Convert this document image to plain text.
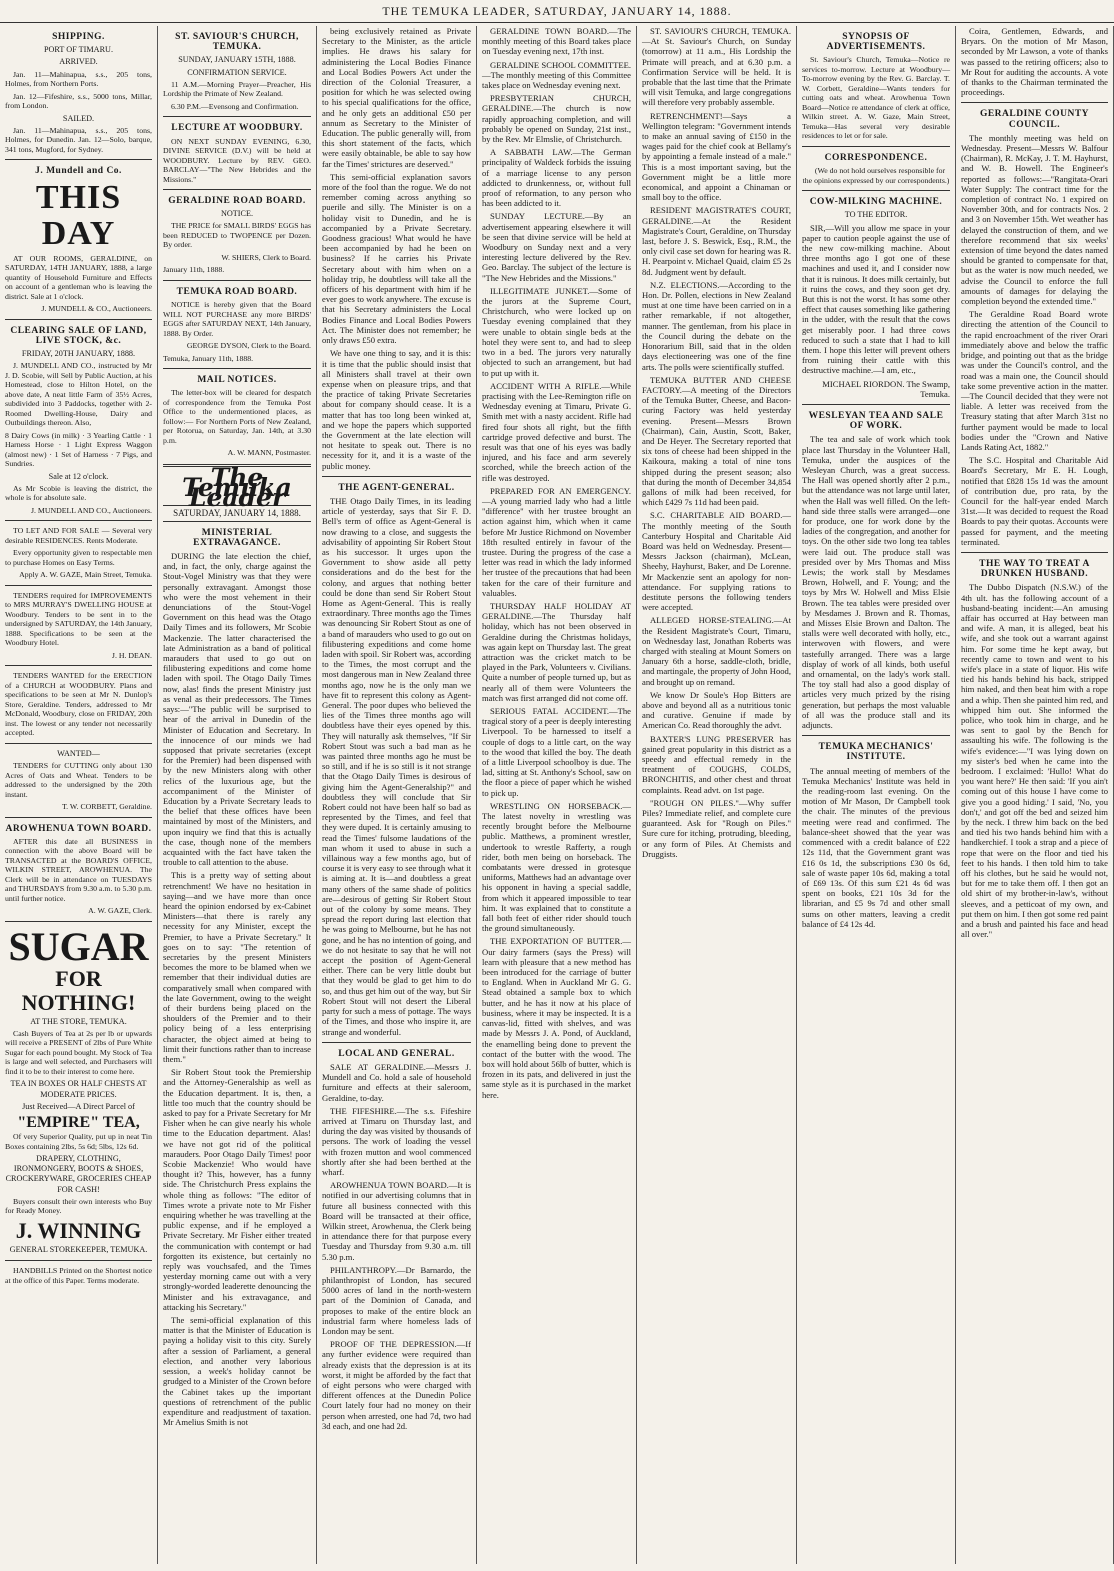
THE TEMUKA LEADER, SATURDAY, JANUARY 14, 1888.
SHIPPING.
PORT OF TIMARU.
ARRIVED.

Jan. 11—Mahinapua, s.s., 205 tons, Holmes, from Northern Ports.

Jan. 12—Fifeshire, s.s., 5000 tons, Millar, from London.

SAILED.

Jan. 11—Mahinapua, s.s., 205 tons, Holmes, for Dunedin. Jan. 12—Solo, barque, 341 tons, Mugford, for Sydney.

J. Mundell and Co.
THIS DAY

AT OUR ROOMS, GERALDINE, on SATURDAY, 14TH JANUARY, 1888, a large quantity of Household Furniture and Effects on account of a gentleman who is leaving the district. Sale at 1 o'clock.

J. MUNDELL & CO., Auctioneers.

CLEARING SALE OF LAND, LIVE STOCK, &c.
FRIDAY, 20TH JANUARY, 1888.

J. MUNDELL AND CO., instructed by Mr J. D. Scobie, will Sell by Public Auction, at his Homestead, close to Hilton Hotel, on the above date, A neat little Farm of 35½ Acres, subdivided into 3 Paddocks, together with 2-Roomed Dwelling-House, Dairy and Outbuildings thereon. Also,

8 Dairy Cows (in milk) · 3 Yearling Cattle · 1 Harness Horse · 1 Light Express Waggon (almost new) · 1 Set of Harness · 7 Pigs, and Sundries.

Sale at 12 o'clock.

As Mr Scobie is leaving the district, the whole is for absolute sale.

J. MUNDELL AND CO., Auctioneers.

TO LET AND FOR SALE — Several very desirable RESIDENCES. Rents Moderate.

Every opportunity given to respectable men to purchase Homes on Easy Terms.

Apply A. W. GAZE, Main Street, Temuka.

TENDERS required for IMPROVEMENTS to MRS MURRAY'S DWELLING HOUSE at Woodbury. Tenders to be sent in to the undersigned by SATURDAY, the 14th January, 1888. Specifications to be seen at the Woodbury Hotel.

J. H. DEAN.

TENDERS WANTED for the ERECTION of a CHURCH at WOODBURY. Plans and specifications to be seen at Mr N. Dunlop's Store, Geraldine. Tenders, addressed to Mr McDonald, Woodbury, close on FRIDAY, 20th inst. The lowest or any tender not necessarily accepted.

WANTED—

TENDERS for CUTTING only about 130 Acres of Oats and Wheat. Tenders to be addressed to the undersigned by the 20th instant.

T. W. CORBETT, Geraldine.

AROWHENUA TOWN BOARD.

AFTER this date all BUSINESS in connection with the above Board will be TRANSACTED at the BOARD'S OFFICE, WILKIN STREET, AROWHENUA. The Clerk will be in attendance on TUESDAYS and THURSDAYS from 9.30 a.m. to 5.30 p.m. until further notice.

A. W. GAZE, Clerk.

SUGAR
FOR NOTHING!
AT THE STORE, TEMUKA.

Cash Buyers of Tea at 2s per lb or upwards will receive a PRESENT of 2lbs of Pure White Sugar for each pound bought. My Stock of Tea is large and well selected, and Purchasers will find it to be to their interest to come here.

TEA IN BOXES OR HALF CHESTS AT MODERATE PRICES.
Just Received—A Direct Parcel of
"EMPIRE" TEA,

Of very Superior Quality, put up in neat Tin Boxes containing 2lbs, 5s 6d; 5lbs, 12s 6d.

DRAPERY, CLOTHING, IRONMONGERY, BOOTS & SHOES, CROCKERYWARE, GROCERIES CHEAP FOR CASH!

Buyers consult their own interests who Buy for Ready Money.

J. WINNING
GENERAL STOREKEEPER, TEMUKA.

HANDBILLS Printed on the Shortest notice at the office of this Paper. Terms moderate.

ST. SAVIOUR'S CHURCH, TEMUKA.
SUNDAY, JANUARY 15TH, 1888.
CONFIRMATION SERVICE.

11 A.M.—Morning Prayer—Preacher, His Lordship the Primate of New Zealand.

6.30 P.M.—Evensong and Confirmation.

LECTURE AT WOODBURY.

ON NEXT SUNDAY EVENING, 6.30, DIVINE SERVICE (D.V.) will be held at WOODBURY. Lecture by REV. GEO. BARCLAY—"The New Hebrides and the Missions."

GERALDINE ROAD BOARD.
NOTICE.

THE PRICE for SMALL BIRDS' EGGS has been REDUCED to TWOPENCE per Dozen. By order.

W. SHIERS, Clerk to Board.

January 11th, 1888.

TEMUKA ROAD BOARD.

NOTICE is hereby given that the Board WILL NOT PURCHASE any more BIRDS' EGGS after SATURDAY NEXT, 14th January, 1888. By Order.

GEORGE DYSON, Clerk to the Board.

Temuka, January 11th, 1888.

MAIL NOTICES.

The letter-box will be cleared for despatch of correspondence from the Temuka Post Office to the undermentioned places, as follow:— For Northern Ports of New Zealand, per Rotorua, on Saturday, Jan. 14th, at 3.30 p.m.

A. W. MANN, Postmaster.

The Temuka Leader
SATURDAY, JANUARY 14, 1888.
MINISTERIAL EXTRAVAGANCE.

DURING the late election the chief, and, in fact, the only, charge against the Stout-Vogel Ministry was that they were personally extravagant. Amongst those who were the most vehement in their denunciations of the Stout-Vogel Government on this head was the Otago Daily Times and its followers, Mr Scobie Mackenzie. The latter characterised the late Administration as a band of political marauders that used to go out on filibustering expeditions and come home laden with spoil. The Otago Daily Times now, alas! finds the present Ministry just as venal as their predecessors. The Times says:—"The public will be surprised to hear of the arrival in Dunedin of the Minister of Education and Secretary. In the innocence of our minds we had supposed that private secretaries (except for the Premier) had been dispensed with by the new Ministers along with other relics of the luxurious age, but the accompaniment of the Minister of Education by a Private Secretary leads to the belief that these offices have been maintained by most of the Ministers, and upon inquiry we find that this is actually the case, though none of the members acquainted with the fact have taken the trouble to call attention to the abuse.

This is a pretty way of setting about retrenchment! We have no hesitation in saying—and we have more than once heard the opinion endorsed by ex-Cabinet Ministers—that there is rarely any necessity for any Minister, except the Premier, to have a Private Secretary." It goes on to say: "The retention of secretaries by the present Ministers becomes the more to be blamed when we remember that their individual duties are comparatively small when compared with the late Government, owing to the weight of their burdens being placed on the shoulders of the Premier and to their policy being of a less enterprising character, the object aimed at being to limit their functions rather than to increase them."

Sir Robert Stout took the Premiership and the Attorney-Generalship as well as the Education department. It is, then, a little too much that the country should be asked to pay for a Private Secretary for Mr Fisher when he can give nearly his whole time to the Education department. Alas! we have not got rid of the political marauders. Poor Otago Daily Times! poor Scobie Mackenzie! Who would have thought it? This, however, has a funny side. The Christchurch Press explains the whole thing as follows: "The editor of Times wrote a private note to Mr Fisher enquiring whether he was travelling at the public expense, and if he employed a Private Secretary. Mr Fisher either treated the communication with contempt or had forgotten its existence, but certainly no reply was vouchsafed, and the Times yesterday morning came out with a very strongly-worded leaderette denouncing the Minister and his extravagance, and attacking his Secretary."

The semi-official explanation of this matter is that the Minister of Education is paying a holiday visit to this city. Surely after a session of Parliament, a general election, and another very laborious session, a week's holiday cannot be grudged to a Minister of the Crown before the Cabinet takes up the important questions of retrenchment of the public expenditure and readjustment of taxation. Mr Amelius Smith is not

being exclusively retained as Private Secretary to the Minister, as the article implies. He draws his salary for administering the Local Bodies Finance and Local Bodies Powers Act under the direction of the Colonial Treasurer, a position for which he was selected owing to his special qualifications for the office, and he only gets an additional £50 per annum as Secretary to the Minister of Education. The public generally will, from this short statement of the facts, which were easily obtainable, be able to say how far the Times' strictures are deserved."

This semi-official explanation savors more of the fool than the rogue. We do not remember coming across anything so puerile and silly. The Minister is on a holiday visit to Dunedin, and he is accompanied by a Private Secretary. Goodness gracious! What would he have been accompanied by had he been on business? If he carries his Private Secretary about with him when on a holiday trip, he doubtless will take all the officers of his department with him if he ever goes to work anywhere. The excuse is that his Secretary administers the Local Bodies Finance and Local Bodies Powers Act. The Minister does not remember; he only draws £50 extra.

We have one thing to say, and it is this: it is time that the public should insist that all Ministers shall travel at their own expense when on pleasure trips, and that the practice of taking Private Secretaries about for company should cease. It is a matter that has too long been winked at, and we hope the papers which supported the Government at the late election will not hesitate to speak out. There is no necessity for it, and it is a waste of the public money.

THE AGENT-GENERAL.

THE Otago Daily Times, in its leading article of yesterday, says that Sir F. D. Bell's term of office as Agent-General is now drawing to a close, and suggests the advisability of appointing Sir Robert Stout as his successor. It urges upon the Government to show aside all petty considerations and do the best for the colony, and argues that nothing better could be done than send Sir Robert Stout Home as Agent-General. This is really extraordinary. Three months ago the Times was denouncing Sir Robert Stout as one of a band of marauders who used to go out on filibustering expeditions and come home laden with spoil. Sir Robert was, according to the Times, the most corrupt and the most dangerous man in New Zealand three months ago, now he is the only man we have fit to represent this colony as Agent-General. The poor dupes who believed the lies of the Times three months ago will doubtless have their eyes opened by this. They will naturally ask themselves, "If Sir Robert Stout was such a bad man as he was painted three months ago he must be so still, and if he is so still is it not strange that the Otago Daily Times is desirous of giving him the Agent-Generalship?" and doubtless they will conclude that Sir Robert could not have been half so bad as represented by the Times, and feel that they were duped. It is certainly amusing to read the Times' fulsome laudations of the man whom it used to abuse in such a villainous way a few months ago, but of course it is very easy to see through what it is aiming at. It is—and doubtless a great many others of the same shade of politics are—desirous of getting Sir Robert Stout out of the colony by some means. They spread the report during last election that he was going to Melbourne, but he has not gone, and he has no intention of going, and we do not hesitate to say that he will not accept the position of Agent-General either. There can be very little doubt but that they would be glad to get him to do so, and thus get him out of the way, but Sir Robert Stout will not desert the Liberal party for such a mess of pottage. The ways of the Times, and those who inspire it, are strange and wonderful.

LOCAL AND GENERAL.

SALE AT GERALDINE.—Messrs J. Mundell and Co. hold a sale of household furniture and effects at their saleroom, Geraldine, to-day.

THE FIFESHIRE.—The s.s. Fifeshire arrived at Timaru on Thursday last, and during the day was visited by thousands of persons. The work of loading the vessel with frozen mutton and wool commenced shortly after she had been berthed at the wharf.

AROWHENUA TOWN BOARD.—It is notified in our advertising columns that in future all business connected with this Board will be transacted at their office, Wilkin street, Arowhenua, the Clerk being in attendance there for that purpose every Tuesday and Thursday from 9.30 a.m. till 5.30 p.m.

PHILANTHROPY.—Dr Barnardo, the philanthropist of London, has secured 5000 acres of land in the north-western part of the Dominion of Canada, and proposes to make of the entire block an industrial farm where homeless lads of London may be sent.

PROOF OF THE DEPRESSION.—If any further evidence were required than already exists that the depression is at its worst, it might be afforded by the fact that of eight persons who were charged with different offences at the Dunedin Police Court lately four had no money on their person when arrested, one had 7d, two had 3d each, and one had 2d.

GERALDINE TOWN BOARD.—The monthly meeting of this Board takes place on Tuesday evening next, 17th inst.

GERALDINE SCHOOL COMMITTEE.—The monthly meeting of this Committee takes place on Wednesday evening next.

PRESBYTERIAN CHURCH, GERALDINE.—The church is now rapidly approaching completion, and will probably be opened on Sunday, 21st inst., by the Rev. Mr Elmslie, of Christchurch.

A SABBATH LAW.—The German principality of Waldeck forbids the issuing of a marriage license to any person addicted to drunkenness, or, without full proof of reformation, to any person who has been addicted to it.

SUNDAY LECTURE.—By an advertisement appearing elsewhere it will be seen that divine service will be held at Woodbury on Sunday next and a very interesting lecture delivered by the Rev. Geo. Barclay. The subject of the lecture is "The New Hebrides and the Missions."

ILLEGITIMATE JUNKET.—Some of the jurors at the Supreme Court, Christchurch, who were locked up on Tuesday evening complained that they were unable to obtain single beds at the hotel they were sent to, and had to sleep two in a bed. The jurors very naturally objected to such an arrangement, but had to put up with it.

ACCIDENT WITH A RIFLE.—While practising with the Lee-Remington rifle on Wednesday evening at Timaru, Private G. Smith met with a nasty accident. Rifle had fired four shots all right, but the fifth cartridge proved defective and burst. The result was that one of his eyes was badly injured, and his face and arm severely scorched, while the breech action of the rifle was destroyed.

PREPARED FOR AN EMERGENCY.—A young married lady who had a little "difference" with her trustee brought an action against him, which when it came before Mr Justice Richmond on November 18th resulted entirely in favour of the trustee. During the progress of the case a letter was read in which the lady informed her trustee of the precautions that had been taken for the care of their furniture and valuables.

THURSDAY HALF HOLIDAY AT GERALDINE.—The Thursday half holiday, which has not been observed in Geraldine during the Christmas holidays, was again kept on Thursday last. The great attraction was the cricket match to be played in the Park, Volunteers v. Civilians. Quite a number of people turned up, but as nearly all of them were Volunteers the match was first arranged did not come off.

SERIOUS FATAL ACCIDENT.—The tragical story of a peer is deeply interesting Liverpool. To be harnessed to itself a couple of dogs to a little cart, on the way to the wood that killed the boy. The death of a little Liverpool schoolboy is due. The lad, sitting at St. Anthony's School, saw on the floor a piece of paper which he wished to pick up.

WRESTLING ON HORSEBACK.—The latest novelty in wrestling was recently brought before the Melbourne public. Matthews, a prominent wrestler, undertook to wrestle Rafferty, a rough rider, both men being on horseback. The combatants were dressed in grotesque uniforms, Matthews had an advantage over his opponent in having a special saddle, from which it appeared impossible to tear him. It was explained that to constitute a fall both feet of either rider should touch the ground simultaneously.

THE EXPORTATION OF BUTTER.—Our dairy farmers (says the Press) will learn with pleasure that a new method has been introduced for the carriage of butter to England. When in Auckland Mr G. G. Stead obtained a sample box to which butter, and he has it now at his place of business, where it may be inspected. It is a canvas-lid, fitted with shelves, and was made by Messrs J. A. Pond, of Auckland, the enamelling being done to prevent the contact of the butter with the wood. The box will hold about 56lb of butter, which is frozen in its pats, and delivered in just the same style as it is purchased in the market here.

ST. SAVIOUR'S CHURCH, TEMUKA.—At St. Saviour's Church, on Sunday (tomorrow) at 11 a.m., His Lordship the Primate will preach, and at 6.30 p.m. a Confirmation Service will be held. It is probable that the last time that the Primate will visit Temuka, and large congregations will therefore very probably assemble.

RETRENCHMENT!—Says a Wellington telegram: "Government intends to make an annual saving of £150 in the wages paid for the chief cook at Bellamy's by appointing a female instead of a male." This is a most important saving, but the Government might be a little more economical, and appoint a Chinaman or small boy to the office.

RESIDENT MAGISTRATE'S COURT, GERALDINE.—At the Resident Magistrate's Court, Geraldine, on Thursday last, before J. S. Beswick, Esq., R.M., the only civil case set down for hearing was R. H. Pearpoint v. Michael Quaid, claim £5 2s 8d. Judgment went by default.

N.Z. ELECTIONS.—According to the Hon. Dr. Pollen, elections in New Zealand must at one time have been carried on in a rather remarkable, if not altogether, manner. The gentleman, from his place in the Council during the debate on the Honorarium Bill, said that in the olden days electioneering was one of the fine arts. The polls were scientifically stuffed.

TEMUKA BUTTER AND CHEESE FACTORY.—A meeting of the Directors of the Temuka Butter, Cheese, and Bacon-curing Factory was held yesterday evening. Present—Messrs Brown (Chairman), Cain, Austin, Scott, Baker, and De Heyer. The Secretary reported that six tons of cheese had been shipped in the Kaikoura, making a total of nine tons shipped during the present season; also that during the month of December 34,854 gallons of milk had been received, for which £429 7s 11d had been paid.

S.C. CHARITABLE AID BOARD.—The monthly meeting of the South Canterbury Hospital and Charitable Aid Board was held on Wednesday. Present—Messrs Jackson (chairman), McLean, Sheehy, Hayhurst, Baker, and De Lorenne. Mr Mackenzie sent an apology for non-attendance. For supplying rations to destitute persons the following tenders were accepted.

ALLEGED HORSE-STEALING.—At the Resident Magistrate's Court, Timaru, on Wednesday last, Jonathan Roberts was charged with stealing at Mount Somers on January 6th a horse, saddle-cloth, bridle, and martingale, the property of John Hood, and brought up on remand.

We know Dr Soule's Hop Bitters are above and beyond all as a nutritious tonic and curative. Genuine if made by American Co. Read thoroughly the advt.

BAXTER'S LUNG PRESERVER has gained great popularity in this district as a speedy and effectual remedy in the treatment of COUGHS, COLDS, BRONCHITIS, and other chest and throat complaints. Read advt. on 1st page.

"ROUGH ON PILES."—Why suffer Piles? Immediate relief, and complete cure guaranteed. Ask for "Rough on Piles." Sure cure for itching, protruding, bleeding, or any form of Piles. At Chemists and Druggists.

SYNOPSIS OF ADVERTISEMENTS.

St. Saviour's Church, Temuka—Notice re services to-morrow. Lecture at Woodbury—To-morrow evening by the Rev. G. Barclay. T. W. Corbett, Geraldine—Wants tenders for cutting oats and wheat. Arowhenua Town Board—Notice re attendance of clerk at office, Wilkin street. A. W. Gaze, Main Street, Temuka—Has several very desirable residences to let or for sale.

CORRESPONDENCE.

(We do not hold ourselves responsible for the opinions expressed by our correspondents.)

COW-MILKING MACHINE.
TO THE EDITOR.

SIR,—Will you allow me space in your paper to caution people against the use of the new cow-milking machine. About three months ago I got one of these machines and used it, and I consider now that it is ruinous. It does milk certainly, but it ruins the cows, and they soon get dry. But this is not the worst. It has some other effect that causes something like gathering in the udder, with the result that the cows get miserably poor. I had three cows reduced to such a state that I had to kill them. I hope this letter will prevent others from ruining their cattle with this destructive machine.—I am, etc.,

MICHAEL RIORDON. The Swamp, Temuka.

WESLEYAN TEA AND SALE OF WORK.

The tea and sale of work which took place last Thursday in the Volunteer Hall, Temuka, under the auspices of the Wesleyan Church, was a great success. The Hall was opened shortly after 2 p.m., but the attendance was not large until later, when the Hall was well filled. On the left-hand side three stalls were arranged—one for produce, one for work done by the ladies of the congregation, and another for toys. On the other side two long tea tables were laid out. The produce stall was presided over by Mrs Thomas and Miss Lewis; the work stall by Mesdames Brown, Holwell, and F. Young; and the toys by Mrs W. Holwell and Miss Elsie Brown. The tea tables were presided over by Mesdames J. Brown and R. Thomas, and Misses Elsie Brown and Dalton. The stalls were well decorated with holly, etc., interwoven with flowers, and were tastefully arranged. There was a large display of work of all kinds, both useful and ornamental, on the lady's work stall. The toy stall had also a good display of articles very much prized by the rising generation, but perhaps the most valuable of all was the produce stall and its adjuncts.

TEMUKA MECHANICS' INSTITUTE.

The annual meeting of members of the Temuka Mechanics' Institute was held in the reading-room last evening. On the motion of Mr Mason, Dr Campbell took the chair. The minutes of the previous meeting were read and confirmed. The balance-sheet showed that the year was commenced with a credit balance of £22 12s 11d, that the Government grant was £16 0s 1d, the subscriptions £30 0s 6d, sale of waste paper 10s 6d, making a total of £69 13s. Of this sum £21 4s 6d was spent on books, £21 10s 3d for the librarian, and £5 9s 7d and other small sums on other matters, leaving a credit balance of £4 12s 4d.

Coira, Gentlemen, Edwards, and Bryars. On the motion of Mr Mason, seconded by Mr Lawson, a vote of thanks was passed to the retiring officers; also to Mr Rout for auditing the accounts. A vote of thanks to the Chairman terminated the proceedings.

GERALDINE COUNTY COUNCIL.

The monthly meeting was held on Wednesday. Present—Messrs W. Balfour (Chairman), R. McKay, J. T. M. Hayhurst, and W. B. Howell. The Engineer's reported as follows:—"Rangitata-Orari Water Supply: The contract time for the completion of contract No. 1 expired on November 30th, and for contracts Nos. 2 and 3 on November 15th. Wet weather has delayed the construction of them, and we therefore recommend that six weeks' extension of time beyond the dates named should be granted to compensate for that, but as the water is now much needed, we advise the Council to enforce the full amounts of damages for delaying the completion beyond the extended time."

The Geraldine Road Board wrote directing the attention of the Council to the rapid encroachment of the river Orari immediately above and below the traffic bridge, and pointing out that as the bridge was under the Council's control, and the road was a main one, the Council should take some preventive action in the matter.—The Council decided that they were not liable. A letter was received from the Treasury stating that after March 31st no further payment would be made to local bodies under the "Crown and Native Lands Rating Act, 1882."

The S.C. Hospital and Charitable Aid Board's Secretary, Mr E. H. Lough, notified that £828 15s 1d was the amount of contribution due, pro rata, by the Council for the half-year ended March 31st.—It was decided to request the Road Boards to pay their quotas. Accounts were passed for payment, and the meeting terminated.

THE WAY TO TREAT A DRUNKEN HUSBAND.

The Dubbo Dispatch (N.S.W.) of the 4th ult. has the following account of a husband-beating incident:—An amusing affair has occurred at Hay between man and wife. A man, it is alleged, beat his wife, and she took out a warrant against him. For some time he kept away, but recently came to town and went to his wife's place in a state of liquor. His wife tied his hands behind his back, stripped him naked, and then beat him with a rope and a whip. Then she painted him red, and whipped him out. She informed the police, who took him in charge, and he was sent to gaol by the Bench for assaulting his wife. The following is the wife's evidence:—"I was lying down on my sister's bed when he came into the bedroom. I exclaimed: 'Hullo! What do you want here?' He then said: 'If you ain't coming out of this house I have come to give you a good hiding.' I said, 'No, you don't,' and got off the bed and seized him by the neck. I threw him back on the bed and tied his two hands behind him with a handkerchief. I took a strap and a piece of rope that were on the floor and tied his feet to his hands. I then told him to take off his clothes, but he said he would not, but for me to take them off. I then got an old shirt of my brother-in-law's, without sleeves, and a petticoat of my own, and put them on him. I then got some red paint and a brush and painted his face and head all over."
